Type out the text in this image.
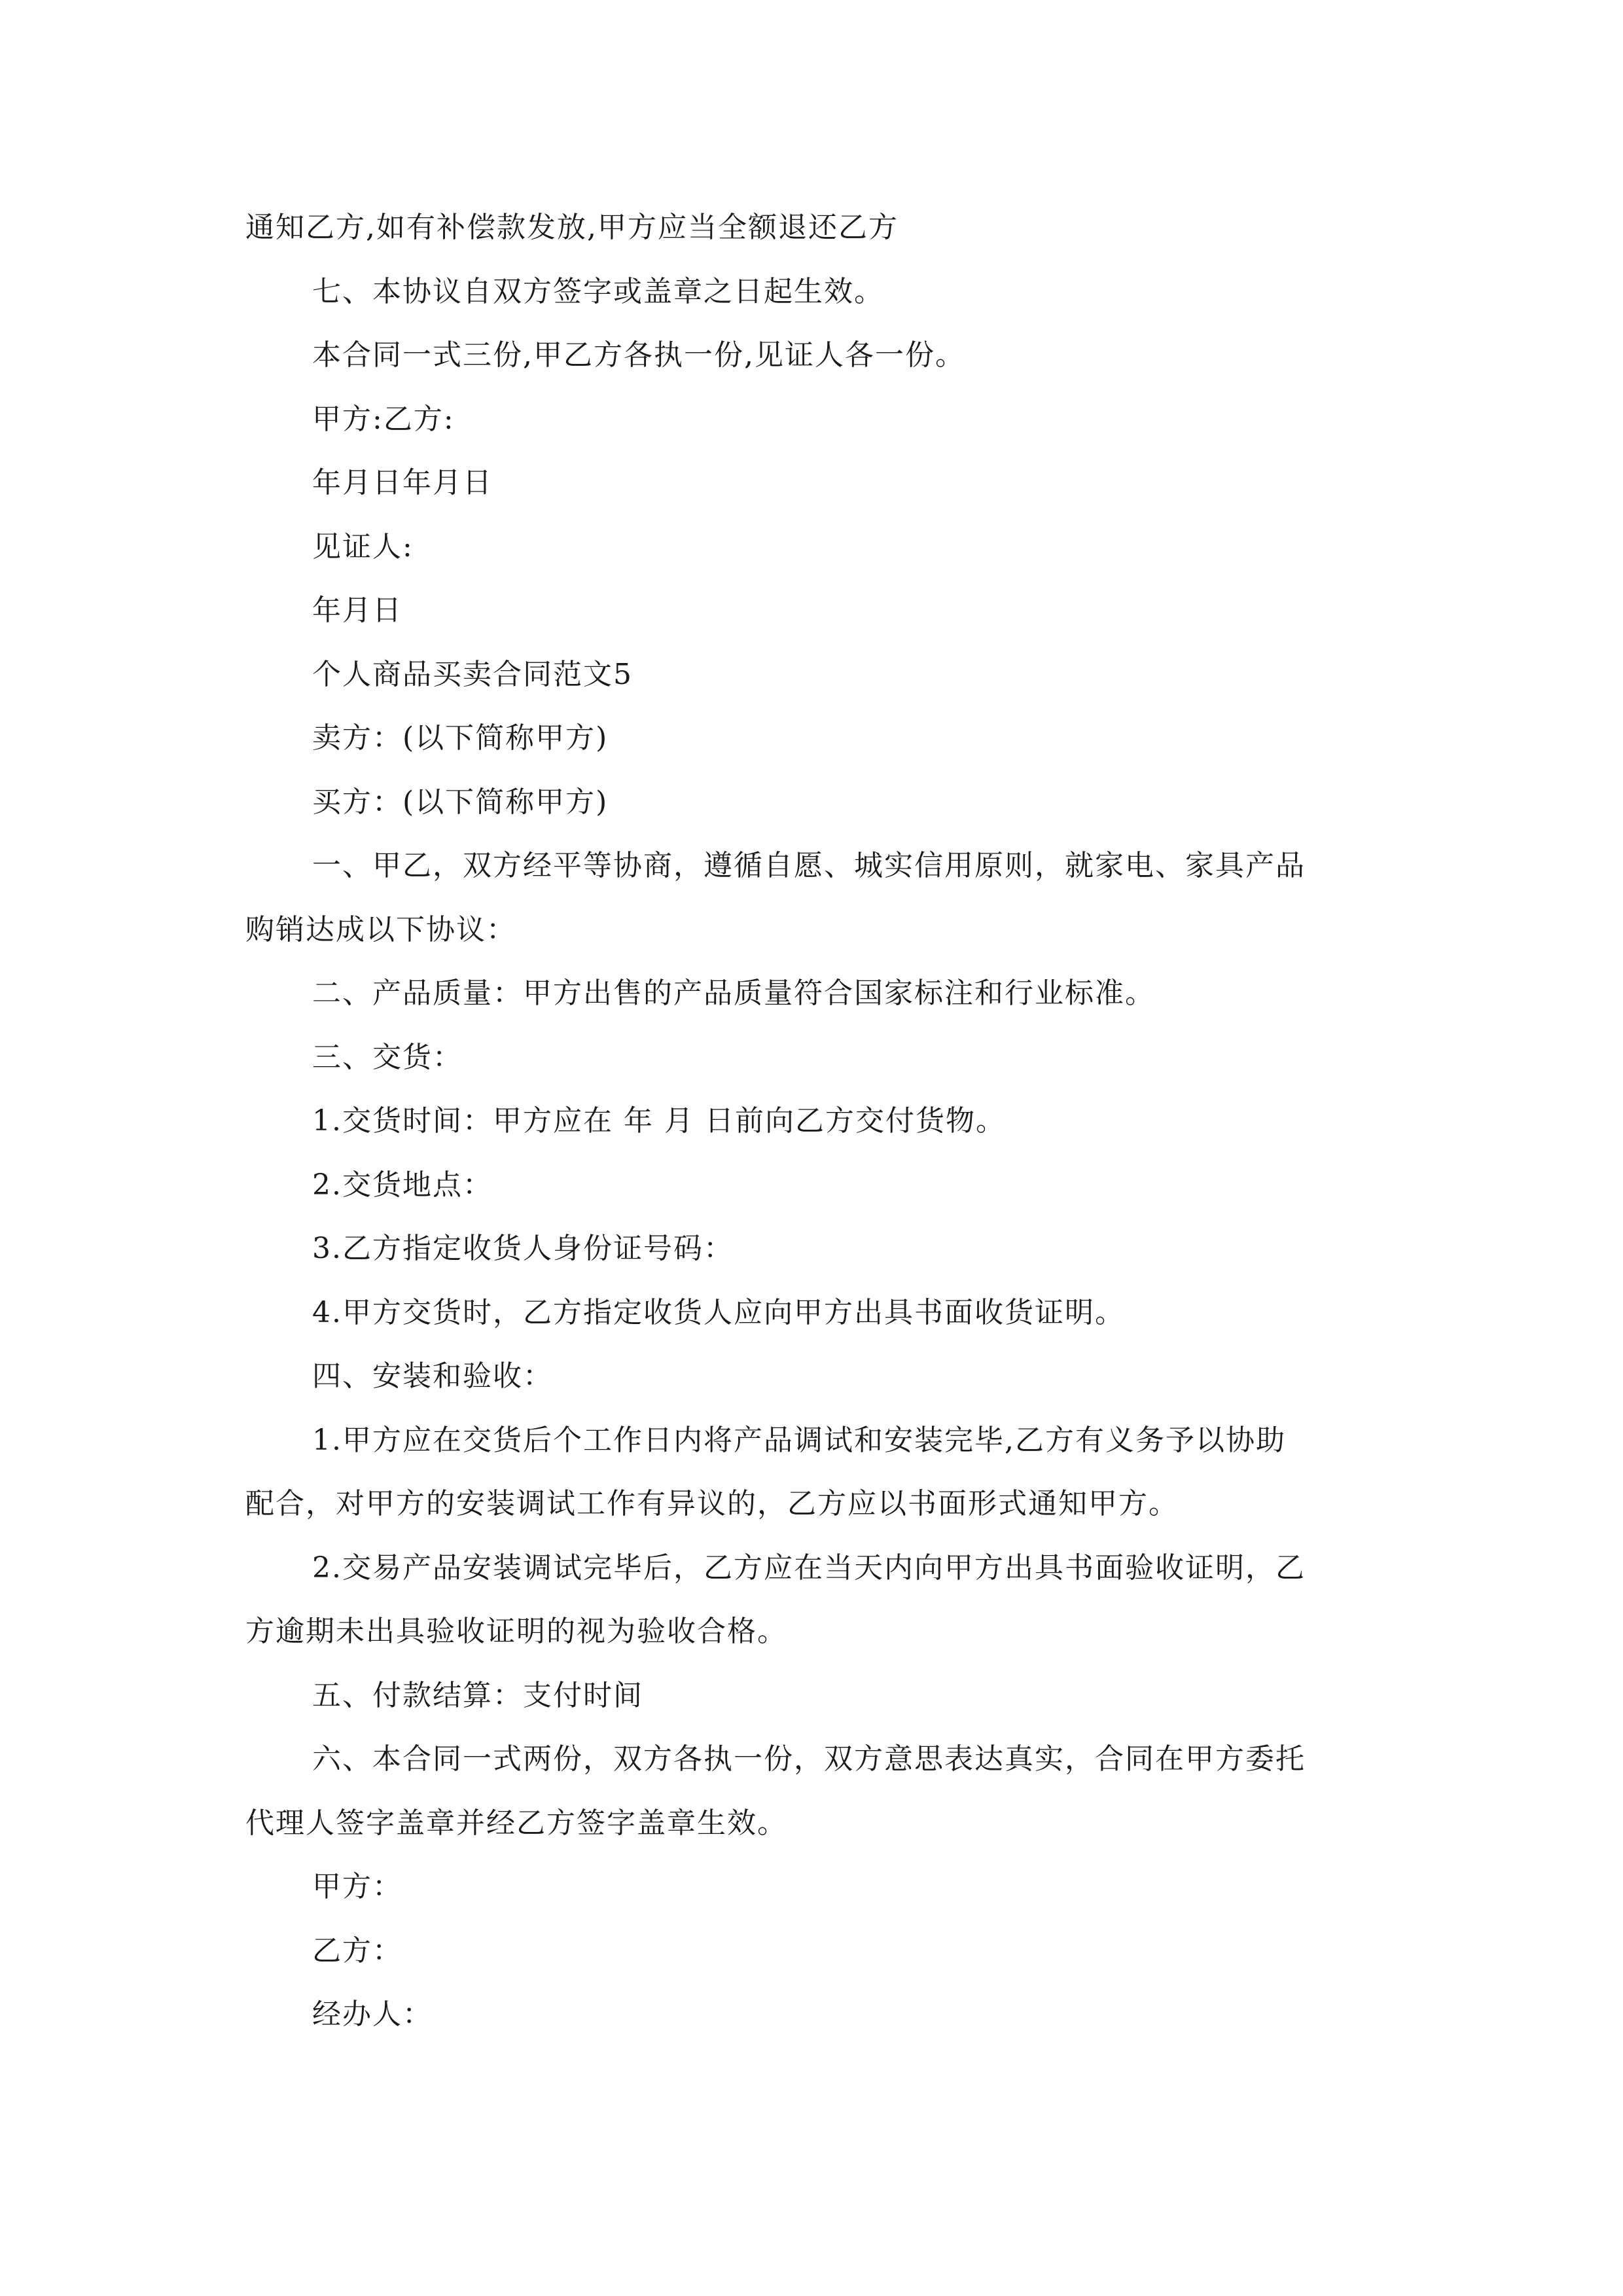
通知乙方,如有补偿款发放,甲方应当全额退还乙方
七、本协议自双方签字或盖章之日起生效。
本合同一式三份,甲乙方各执一份,见证人各一份。
甲方:乙方:
年月日年月日
见证人:
年月日
个人商品买卖合同范文5
卖方：(以下简称甲方)
买方：(以下简称甲方)
一、甲乙，双方经平等协商，遵循自愿、城实信用原则，就家电、家具产品
购销达成以下协议：
二、产品质量：甲方出售的产品质量符合国家标注和行业标准。
三、交货：
1.交货时间：甲方应在 年 月 日前向乙方交付货物。
2.交货地点：
3.乙方指定收货人身份证号码：
4.甲方交货时，乙方指定收货人应向甲方出具书面收货证明。
四、安装和验收：
1.甲方应在交货后个工作日内将产品调试和安装完毕,乙方有义务予以协助
配合，对甲方的安装调试工作有异议的，乙方应以书面形式通知甲方。
2.交易产品安装调试完毕后，乙方应在当天内向甲方出具书面验收证明，乙
方逾期未出具验收证明的视为验收合格。
五、付款结算：支付时间
六、本合同一式两份，双方各执一份，双方意思表达真实，合同在甲方委托
代理人签字盖章并经乙方签字盖章生效。
甲方：
乙方：
经办人：
